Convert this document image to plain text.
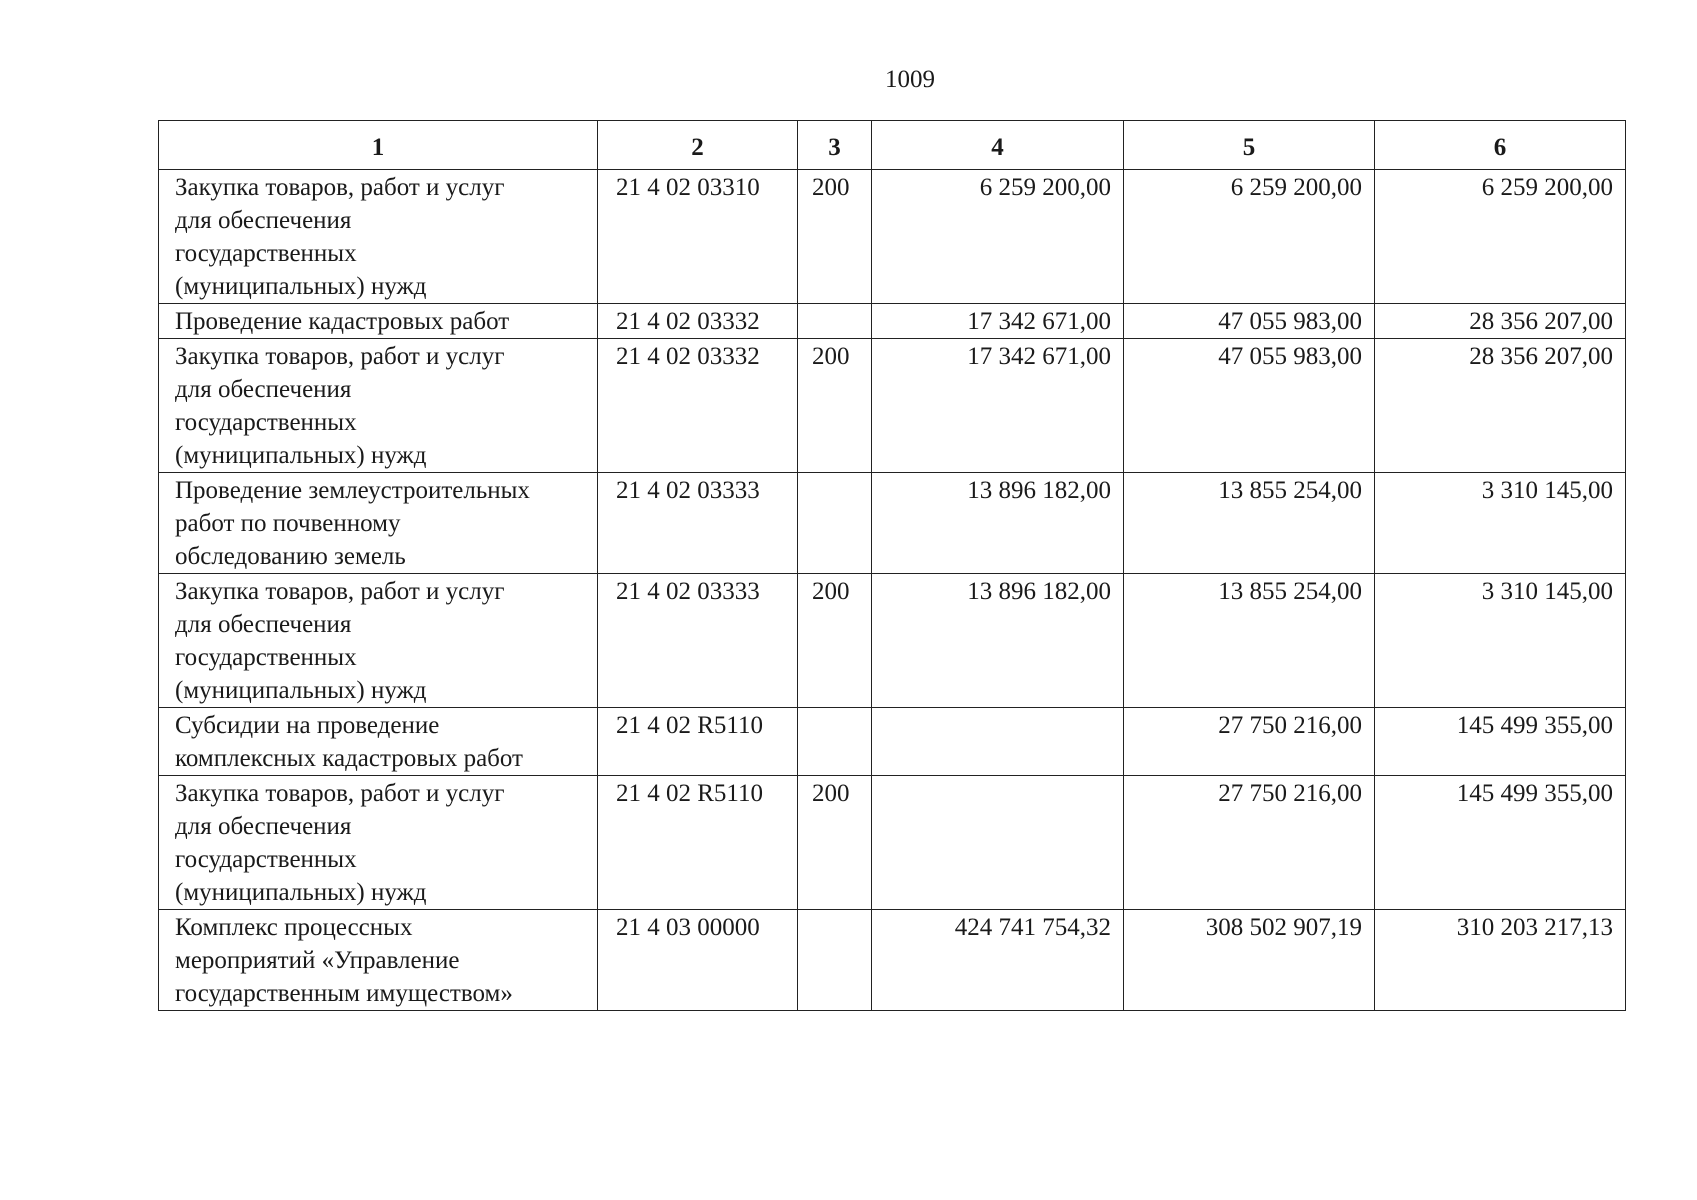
1009
1	2	3	4	5	6

Закупка товаров, работ и услуг
для обеспечения
государственных
(муниципальных) нужд	21 4 02 03310	200	6 259 200,00	6 259 200,00	6 259 200,00

Проведение кадастровых работ	21 4 02 03332		17 342 671,00	47 055 983,00	28 356 207,00

Закупка товаров, работ и услуг
для обеспечения
государственных
(муниципальных) нужд	21 4 02 03332	200	17 342 671,00	47 055 983,00	28 356 207,00

Проведение землеустроительных
работ по почвенному
обследованию земель	21 4 02 03333		13 896 182,00	13 855 254,00	3 310 145,00

Закупка товаров, работ и услуг
для обеспечения
государственных
(муниципальных) нужд	21 4 02 03333	200	13 896 182,00	13 855 254,00	3 310 145,00

Субсидии на проведение
комплексных кадастровых работ	21 4 02 R5110			27 750 216,00	145 499 355,00

Закупка товаров, работ и услуг
для обеспечения
государственных
(муниципальных) нужд	21 4 02 R5110	200		27 750 216,00	145 499 355,00

Комплекс процессных
мероприятий «Управление
государственным имуществом»	21 4 03 00000		424 741 754,32	308 502 907,19	310 203 217,13
